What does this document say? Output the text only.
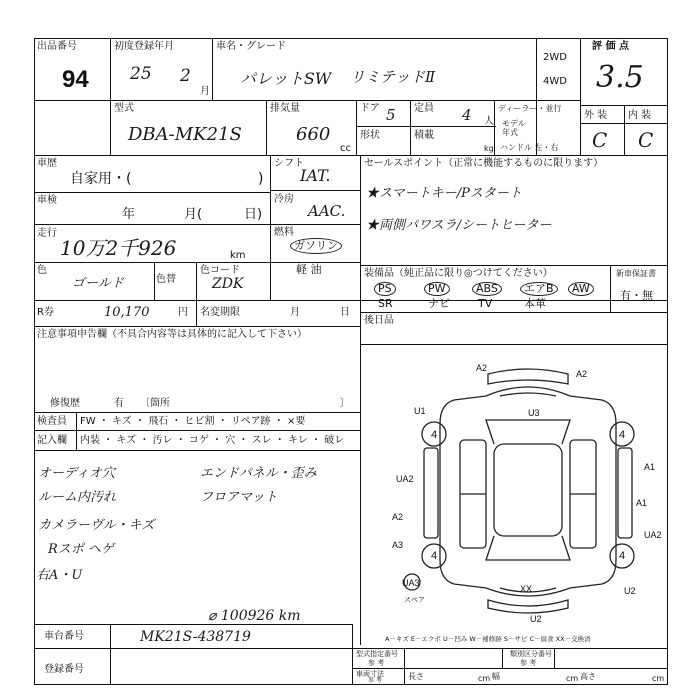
出品番号
94
初度登録年月
25 2
月
車名・グレード
パレットSW リミテッドⅡ
2WD
4WD
評 価 点
3.5
外 装 内 装
C C
型式
DBA-MK21S
排気量
660
cc
ドア 5 定員 4 人
形状	積載
kg
ディーラー・並行
年式
モデル
ハンドル 左・右
車歴
自家用・(	)
車検
年	月(	日)
走行
10万2千926	km
色
ゴールド	色替
色コード
ZDK
シフト
IAT.
冷房
AAC.
燃料
ガソリン
軽 油
R券	10,170	円 名変期限	月	日
セールスポイント（正常に機能するものに限ります）
★スマートキー/Pスタート
★両側パワスラ/シートヒーター
装備品（純正品に限り◎つけてください）
PS	PW	ABS	エアB	AW
SR	ナビ	TV	本革
新車保証書
有・無
後日品
注意事項申告欄（不具合内容等は具体的に記入して下さい）
修復歴	有 〔箇所	〕
検査員
記入欄
FW ・ キズ ・ 飛石 ・ ヒビ割 ・ リペア跡 ・ ×要
内装 ・ キズ ・ 汚レ ・ コゲ ・ 穴 ・ スレ ・ キレ ・ 破レ
オーディオ穴
ルーム内汚れ
カメラーヴル・キズ
Rスポ ヘゲ
右A・U
エンドパネル・歪み
フロアマット
⌀ 100926 km
A2
A2
U1	U3
4	4
A1
A1
UA2
A2
A3
UA2
4	4
UA3
XX	U2
U2
スペア
A－キズ E－エクボ U－凹み W－補修跡 S－サビ C－腐食 XX－交換済
車台番号	MK21S-438719
登録番号
型式指定番号
参 考
類別区分番号
参 考
車両寸法
参 考	長さ	cm 幅	cm 高さ	cm
